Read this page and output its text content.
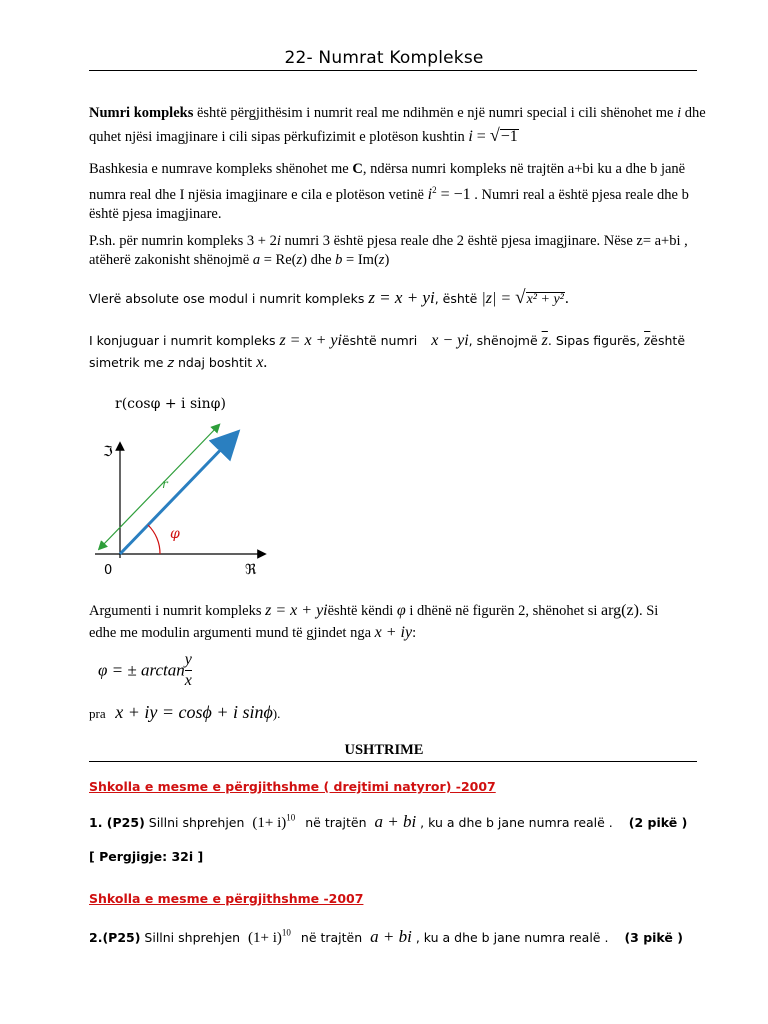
22- Numrat Komplekse
Numri kompleks është përgjithësim i numrit real me ndihmën e një numri special i cili shënohet me i dhe
quhet njësi imagjinare i cili sipas përkufizimit e plotëson kushtin i = √−1
Bashkesia e numrave kompleks shënohet me C, ndërsa numri kompleks në trajtën a+bi ku a dhe b janë
numra real dhe I njësia imagjinare e cila e plotëson vetinë $i^2 = -1$ . Numri real a është pjesa reale dhe b
është pjesa imagjinare.
P.sh. për numrin kompleks 3 + 2i numri 3 është pjesa reale dhe 2 është pjesa imagjinare. Nëse z= a+bi ,
atëherë zakonisht shënojmë a = Re(z) dhe b = Im(z)
Vlerë absolute ose modul i numrit kompleks z = x + yi, është |z| = √x² + y².
I konjuguar i numrit kompleks z = x + yiështë numri x − yi, shënojmë $\overline{z}$. Sipas figurës, $\overline{z}është$
simetrik me z ndaj boshtit x.
r(cosφ + i sinφ)
ℑ
ℜ
0
r
φ
Argumenti i numrit kompleks z = x + yiështë këndi φ i dhënë në figurën 2, shënohet si arg(z). Si
edhe me modulin argumenti mund të gjindet nga x + iy:
φ = ± $\arctan \frac{y}{x}$
pra x + iy = cosϕ + i sinϕ).
USHTRIME
Shkolla e mesme e përgjithshme ( drejtimi natyror) -2007
1. (P25) Sillni shprehjen $(1+ i)^{10}$ në trajtën a + bi , ku a dhe b jane numra realë . (2 pikë )
[ Pergjigje: 32i ]
Shkolla e mesme e përgjithshme -2007
2.(P25) Sillni shprehjen $(1+ i)^{10}$ në trajtën a + bi , ku a dhe b jane numra realë . (3 pikë )
